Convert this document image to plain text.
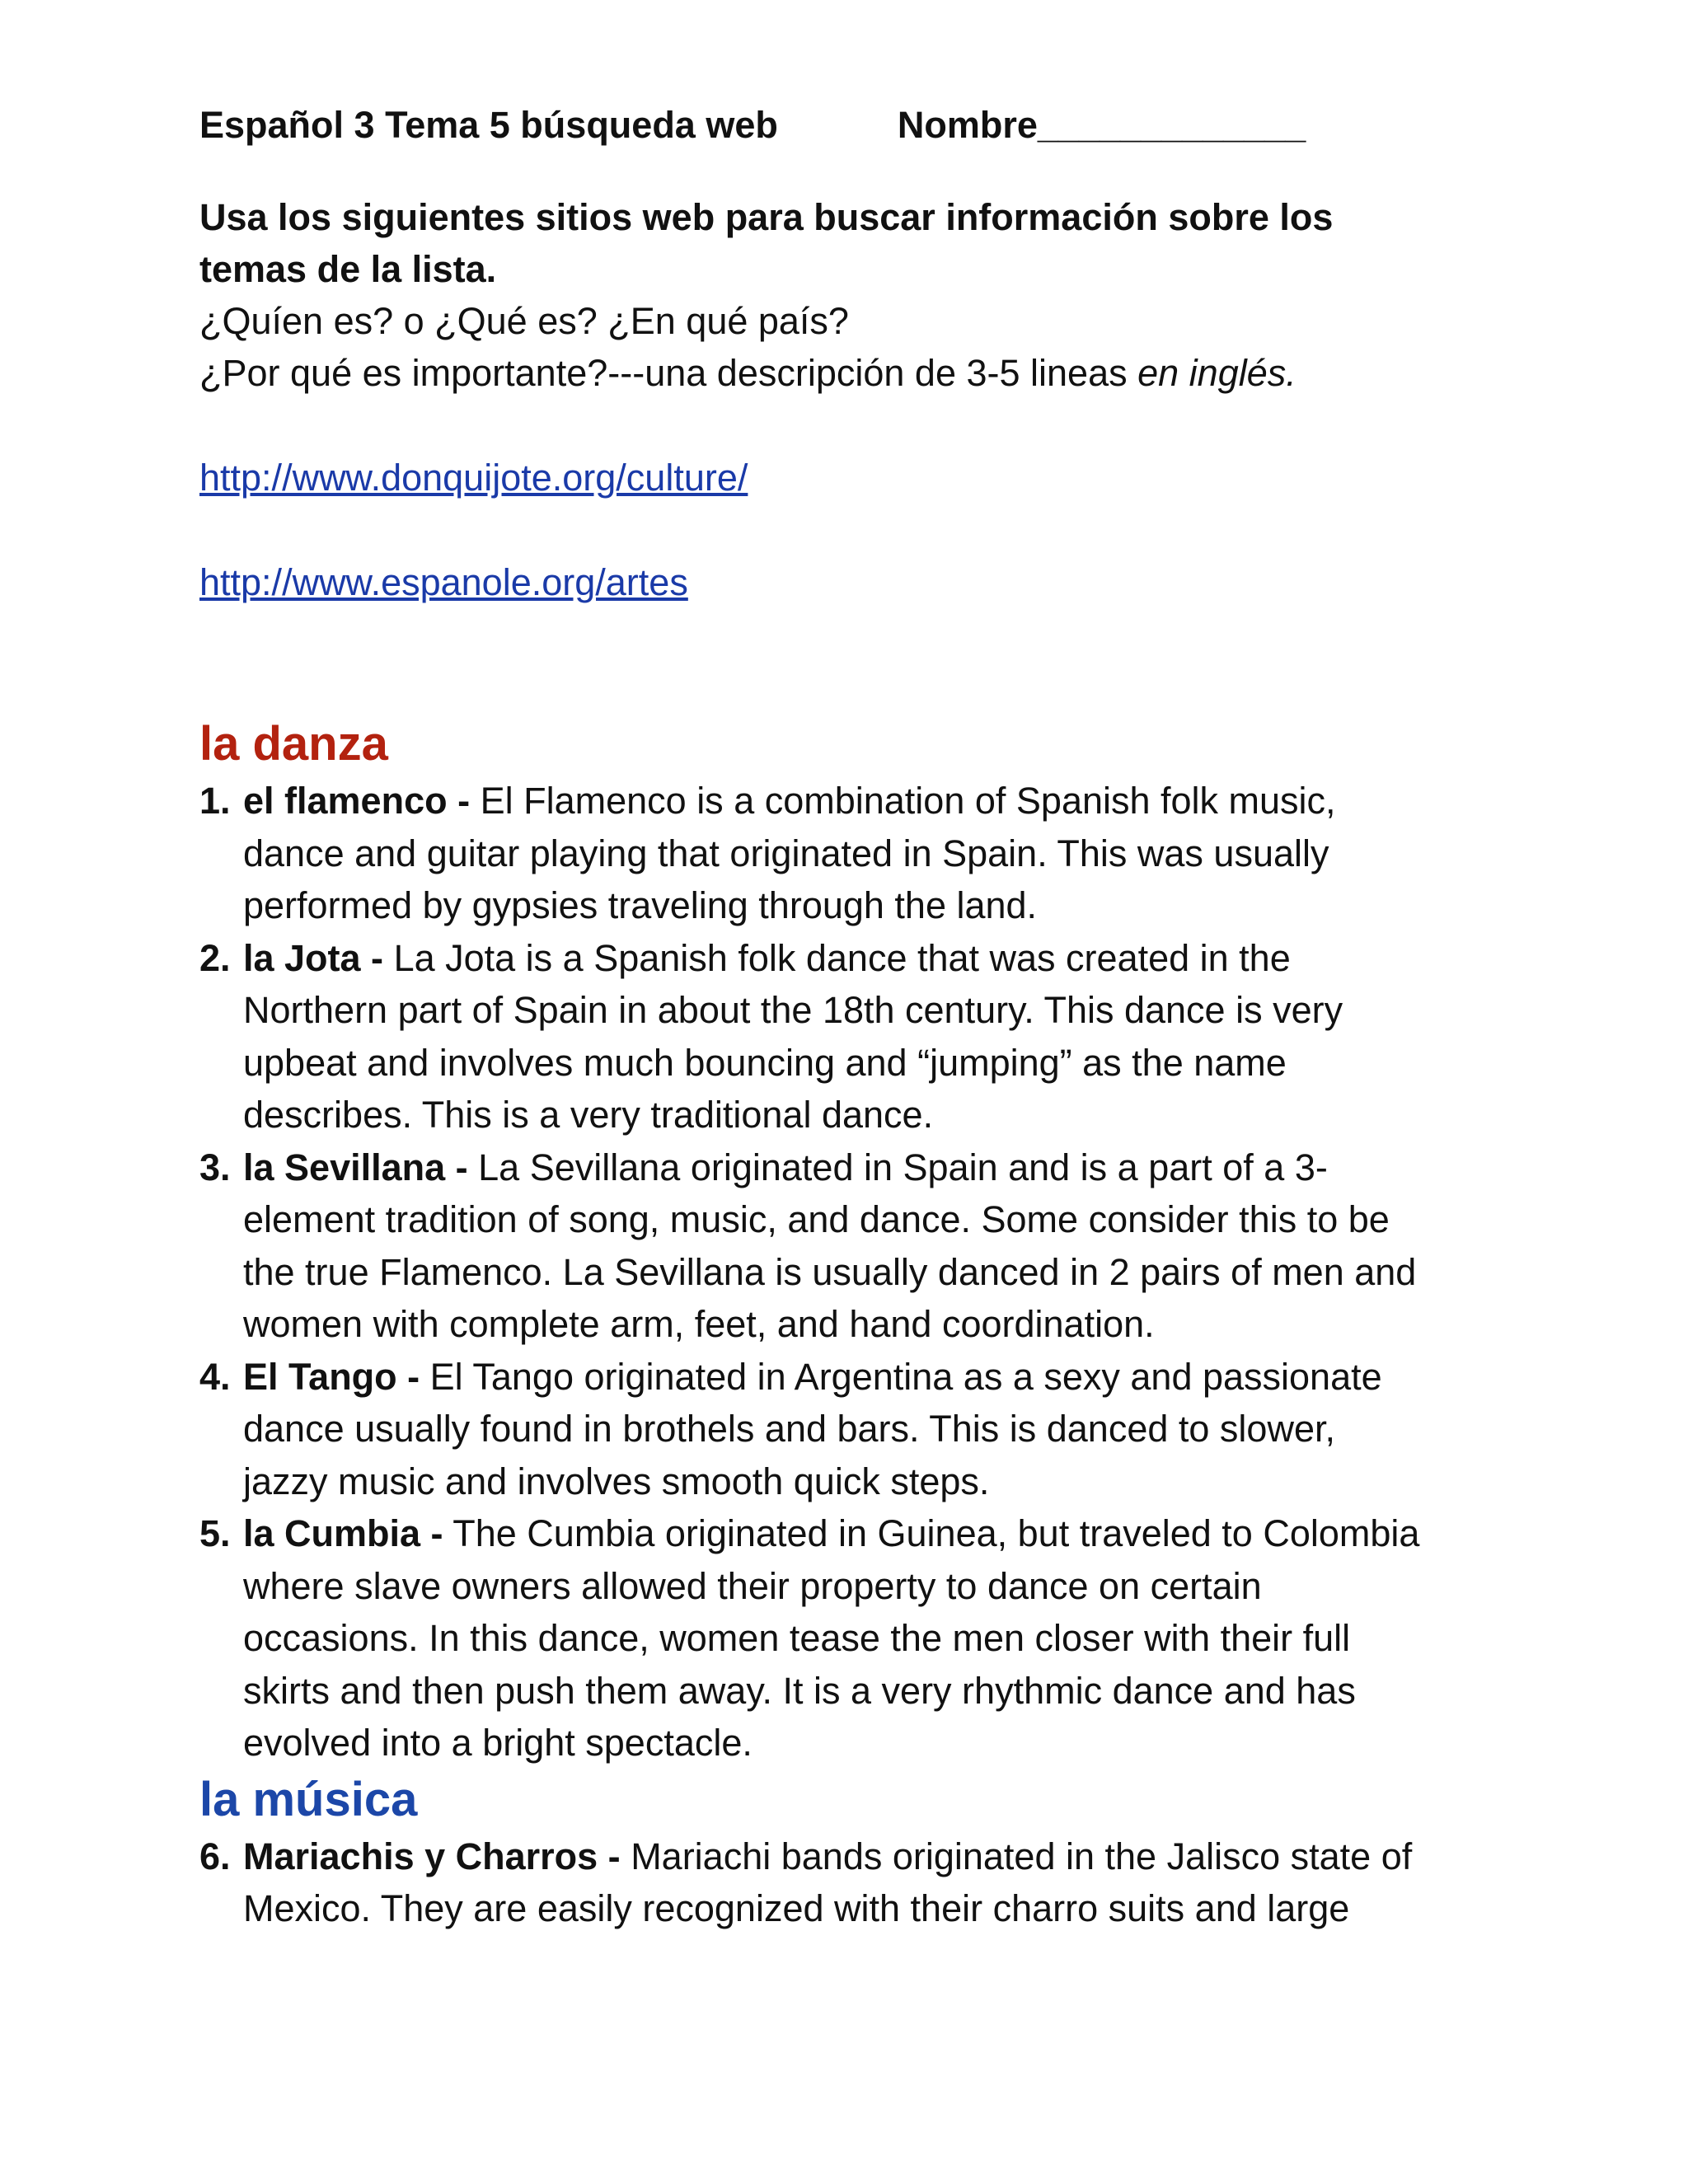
Español 3 Tema 5 búsqueda web	Nombre_____________
Usa los siguientes sitios web para buscar información sobre los
temas de la lista.
¿Quíen es? o ¿Qué es? ¿En qué país?
¿Por qué es importante?---una descripción de 3-5 lineas en inglés.
http://www.donquijote.org/culture/
http://www.espanole.org/artes
la danza
1. el flamenco - El Flamenco is a combination of Spanish folk music,
dance and guitar playing that originated in Spain. This was usually
performed by gypsies traveling through the land.
2. la Jota - La Jota is a Spanish folk dance that was created in the
Northern part of Spain in about the 18th century. This dance is very
upbeat and involves much bouncing and “jumping” as the name
describes. This is a very traditional dance.
3. la Sevillana - La Sevillana originated in Spain and is a part of a 3-
element tradition of song, music, and dance. Some consider this to be
the true Flamenco. La Sevillana is usually danced in 2 pairs of men and
women with complete arm, feet, and hand coordination.
4. El Tango - El Tango originated in Argentina as a sexy and passionate
dance usually found in brothels and bars. This is danced to slower,
jazzy music and involves smooth quick steps.
5. la Cumbia - The Cumbia originated in Guinea, but traveled to Colombia
where slave owners allowed their property to dance on certain
occasions. In this dance, women tease the men closer with their full
skirts and then push them away. It is a very rhythmic dance and has
evolved into a bright spectacle.
la música
6. Mariachis y Charros - Mariachi bands originated in the Jalisco state of
Mexico. They are easily recognized with their charro suits and large
